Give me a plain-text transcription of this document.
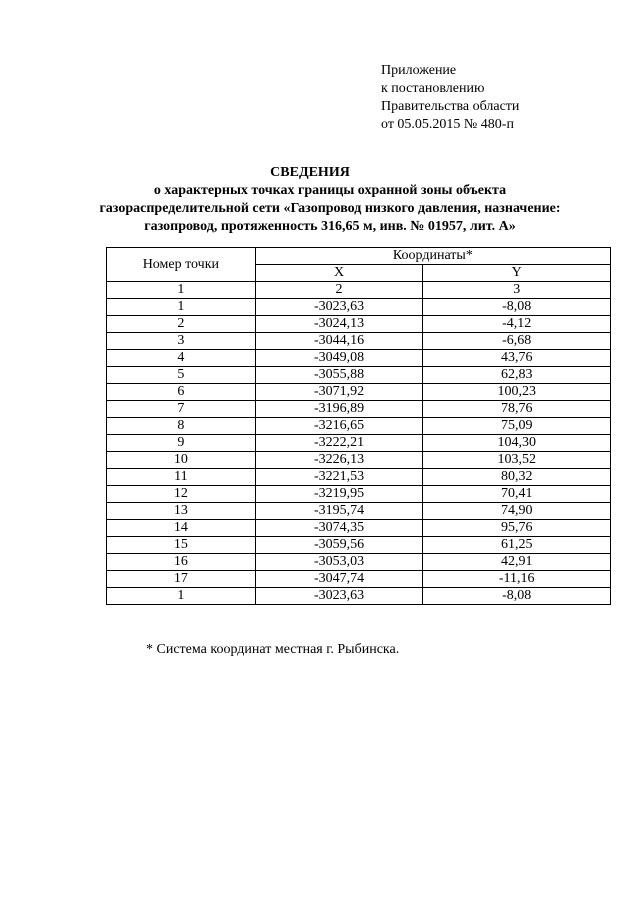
Приложение
к постановлению
Правительства области
от 05.05.2015 № 480-п
СВЕДЕНИЯ
о характерных точках границы охранной зоны объекта
газораспределительной сети «Газопровод низкого давления, назначение:
газопровод, протяженность 316,65 м, инв. № 01957, лит. А»
Номер точки	Координаты*	
	X	Y
1	2	3
1	-3023,63	-8,08
2	-3024,13	-4,12
3	-3044,16	-6,68
4	-3049,08	43,76
5	-3055,88	62,83
6	-3071,92	100,23
7	-3196,89	78,76
8	-3216,65	75,09
9	-3222,21	104,30
10	-3226,13	103,52
11	-3221,53	80,32
12	-3219,95	70,41
13	-3195,74	74,90
14	-3074,35	95,76
15	-3059,56	61,25
16	-3053,03	42,91
17	-3047,74	-11,16
1	-3023,63	-8,08
* Система координат местная г. Рыбинска.
